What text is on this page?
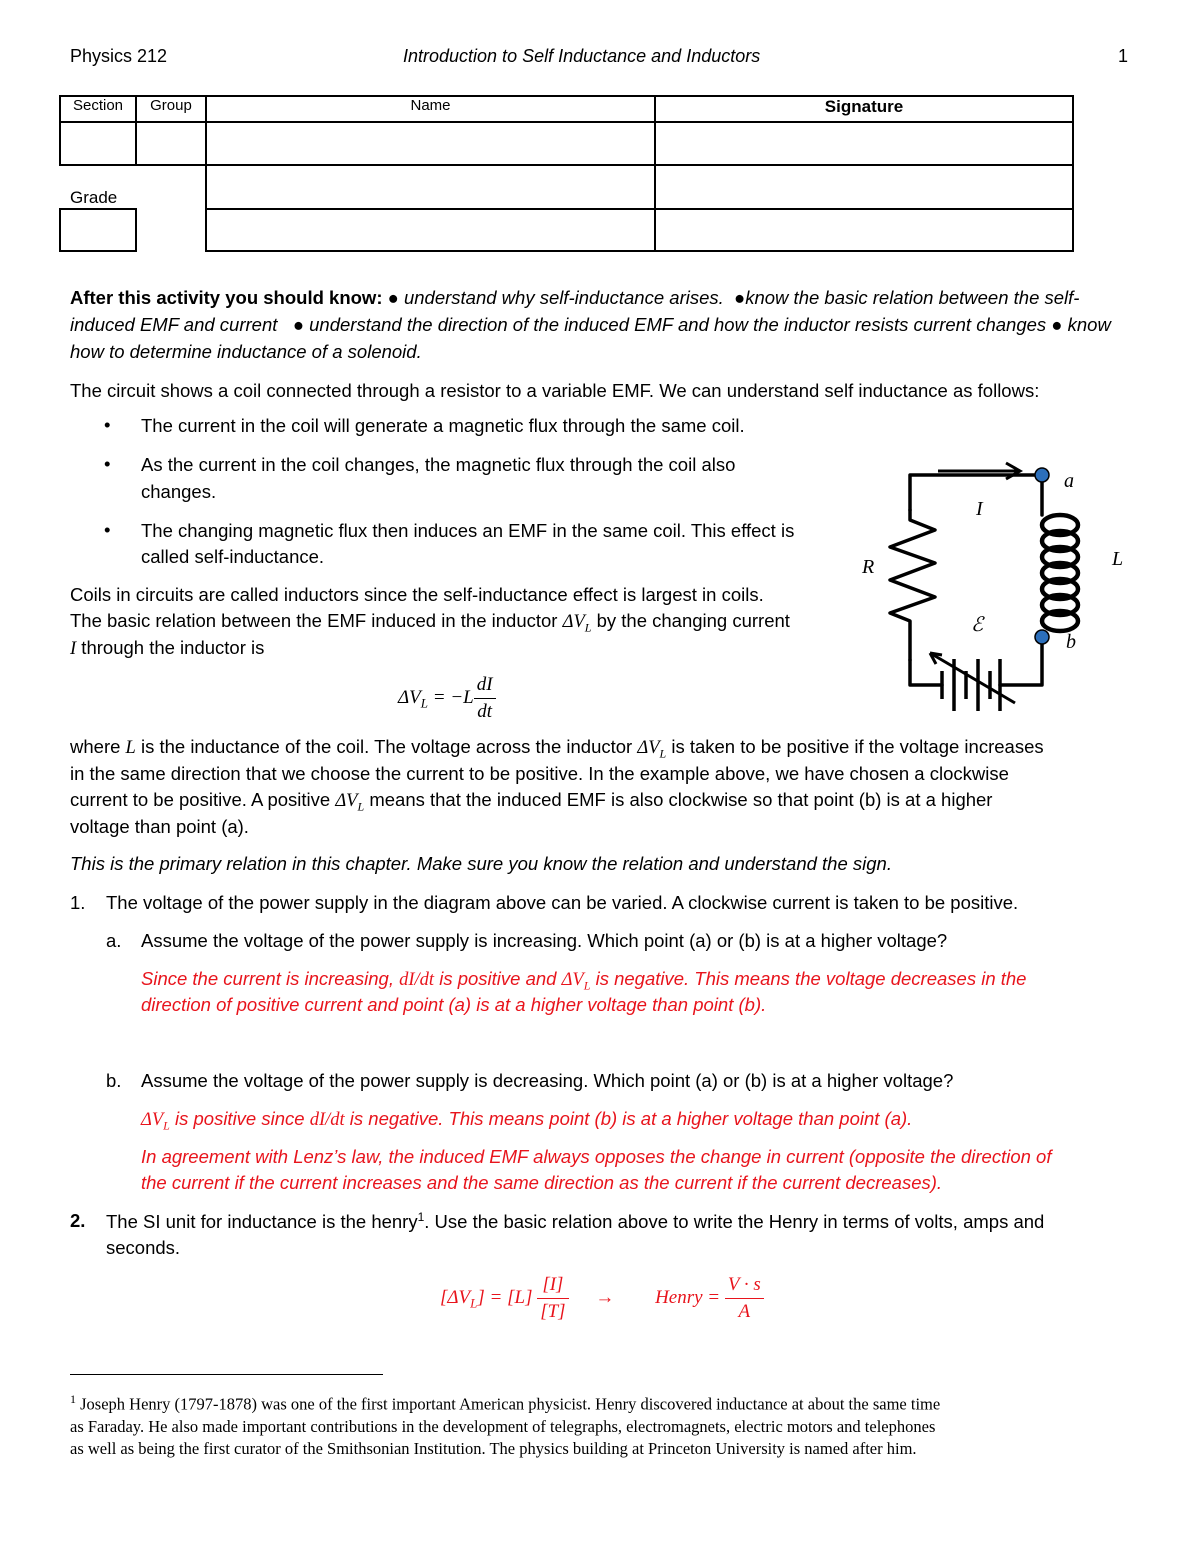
Physics 212	Introduction to Self Inductance and Inductors	1
Section	Group	Name	Signature

Grade			

After this activity you should know: ● understand why self-inductance arises. ●know the basic relation between the self-induced EMF and current ● understand the direction of the induced EMF and how the inductor resists current changes ● know how to determine inductance of a solenoid.
The circuit shows a coil connected through a resistor to a variable EMF. We can understand self inductance as follows:
• The current in the coil will generate a magnetic flux through the same coil.
• As the current in the coil changes, the magnetic flux through the coil also
changes.
• The changing magnetic flux then induces an EMF in the same coil. This effect is
called self-inductance.
a
b
I
L
R
ℰ
Coils in circuits are called inductors since the self-inductance effect is largest in coils.
The basic relation between the EMF induced in the inductor $\Delta V_L$ by the changing current
I through the inductor is
$\Delta V_L = -L \frac{dI}{dt}$
where L is the inductance of the coil. The voltage across the inductor $\Delta V_L$ is taken to be positive if the voltage increases
in the same direction that we choose the current to be positive. In the example above, we have chosen a clockwise
current to be positive. A positive $\Delta V_L$ means that the induced EMF is also clockwise so that point (b) is at a higher
voltage than point (a).
This is the primary relation in this chapter. Make sure you know the relation and understand the sign.
1. The voltage of the power supply in the diagram above can be varied. A clockwise current is taken to be positive.
a. Assume the voltage of the power supply is increasing. Which point (a) or (b) is at a higher voltage?
Since the current is increasing, dI/dt is positive and $\Delta V_L$ is negative. This means the voltage decreases in the
direction of positive current and point (a) is at a higher voltage than point (b).
b. Assume the voltage of the power supply is decreasing. Which point (a) or (b) is at a higher voltage?
$\Delta V_L$ is positive since dI/dt is negative. This means point (b) is at a higher voltage than point (a).
In agreement with Lenz’s law, the induced EMF always opposes the change in current (opposite the direction of
the current if the current increases and the same direction as the current if the current decreases).
2. The SI unit for inductance is the henry$^1$. Use the basic relation above to write the Henry in terms of volts, amps and
seconds.
$[\Delta V_L] = [L] \frac{[I]}{[T]}$ → Henry = $\frac{V \cdot s}{A}$
$^1$ Joseph Henry (1797-1878) was one of the first important American physicist. Henry discovered inductance at about the same time
as Faraday. He also made important contributions in the development of telegraphs, electromagnets, electric motors and telephones
as well as being the first curator of the Smithsonian Institution. The physics building at Princeton University is named after him.
